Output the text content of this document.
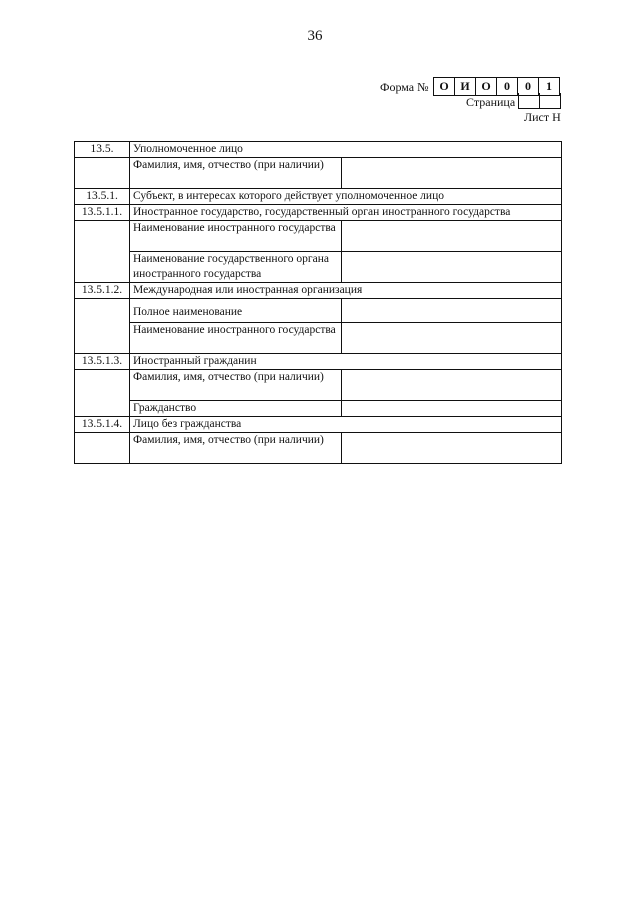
36
Форма № О И О	0	0	1
Страница
Лист Н
13.5.	Уполномоченное лицо	
	Фамилия, имя, отчество (при наличии)	
13.5.1.	Субъект, в интересах которого действует уполномоченное лицо	
13.5.1.1.	Иностранное государство, государственный орган иностранного государства	
	Наименование иностранного государства	
	Наименование государственного органа иностранного государства	
13.5.1.2.	Международная или иностранная организация	
	Полное наименование	
	Наименование иностранного государства	
13.5.1.3.	Иностранный гражданин	
	Фамилия, имя, отчество (при наличии)	
	Гражданство	
13.5.1.4.	Лицо без гражданства	
	Фамилия, имя, отчество (при наличии)	
